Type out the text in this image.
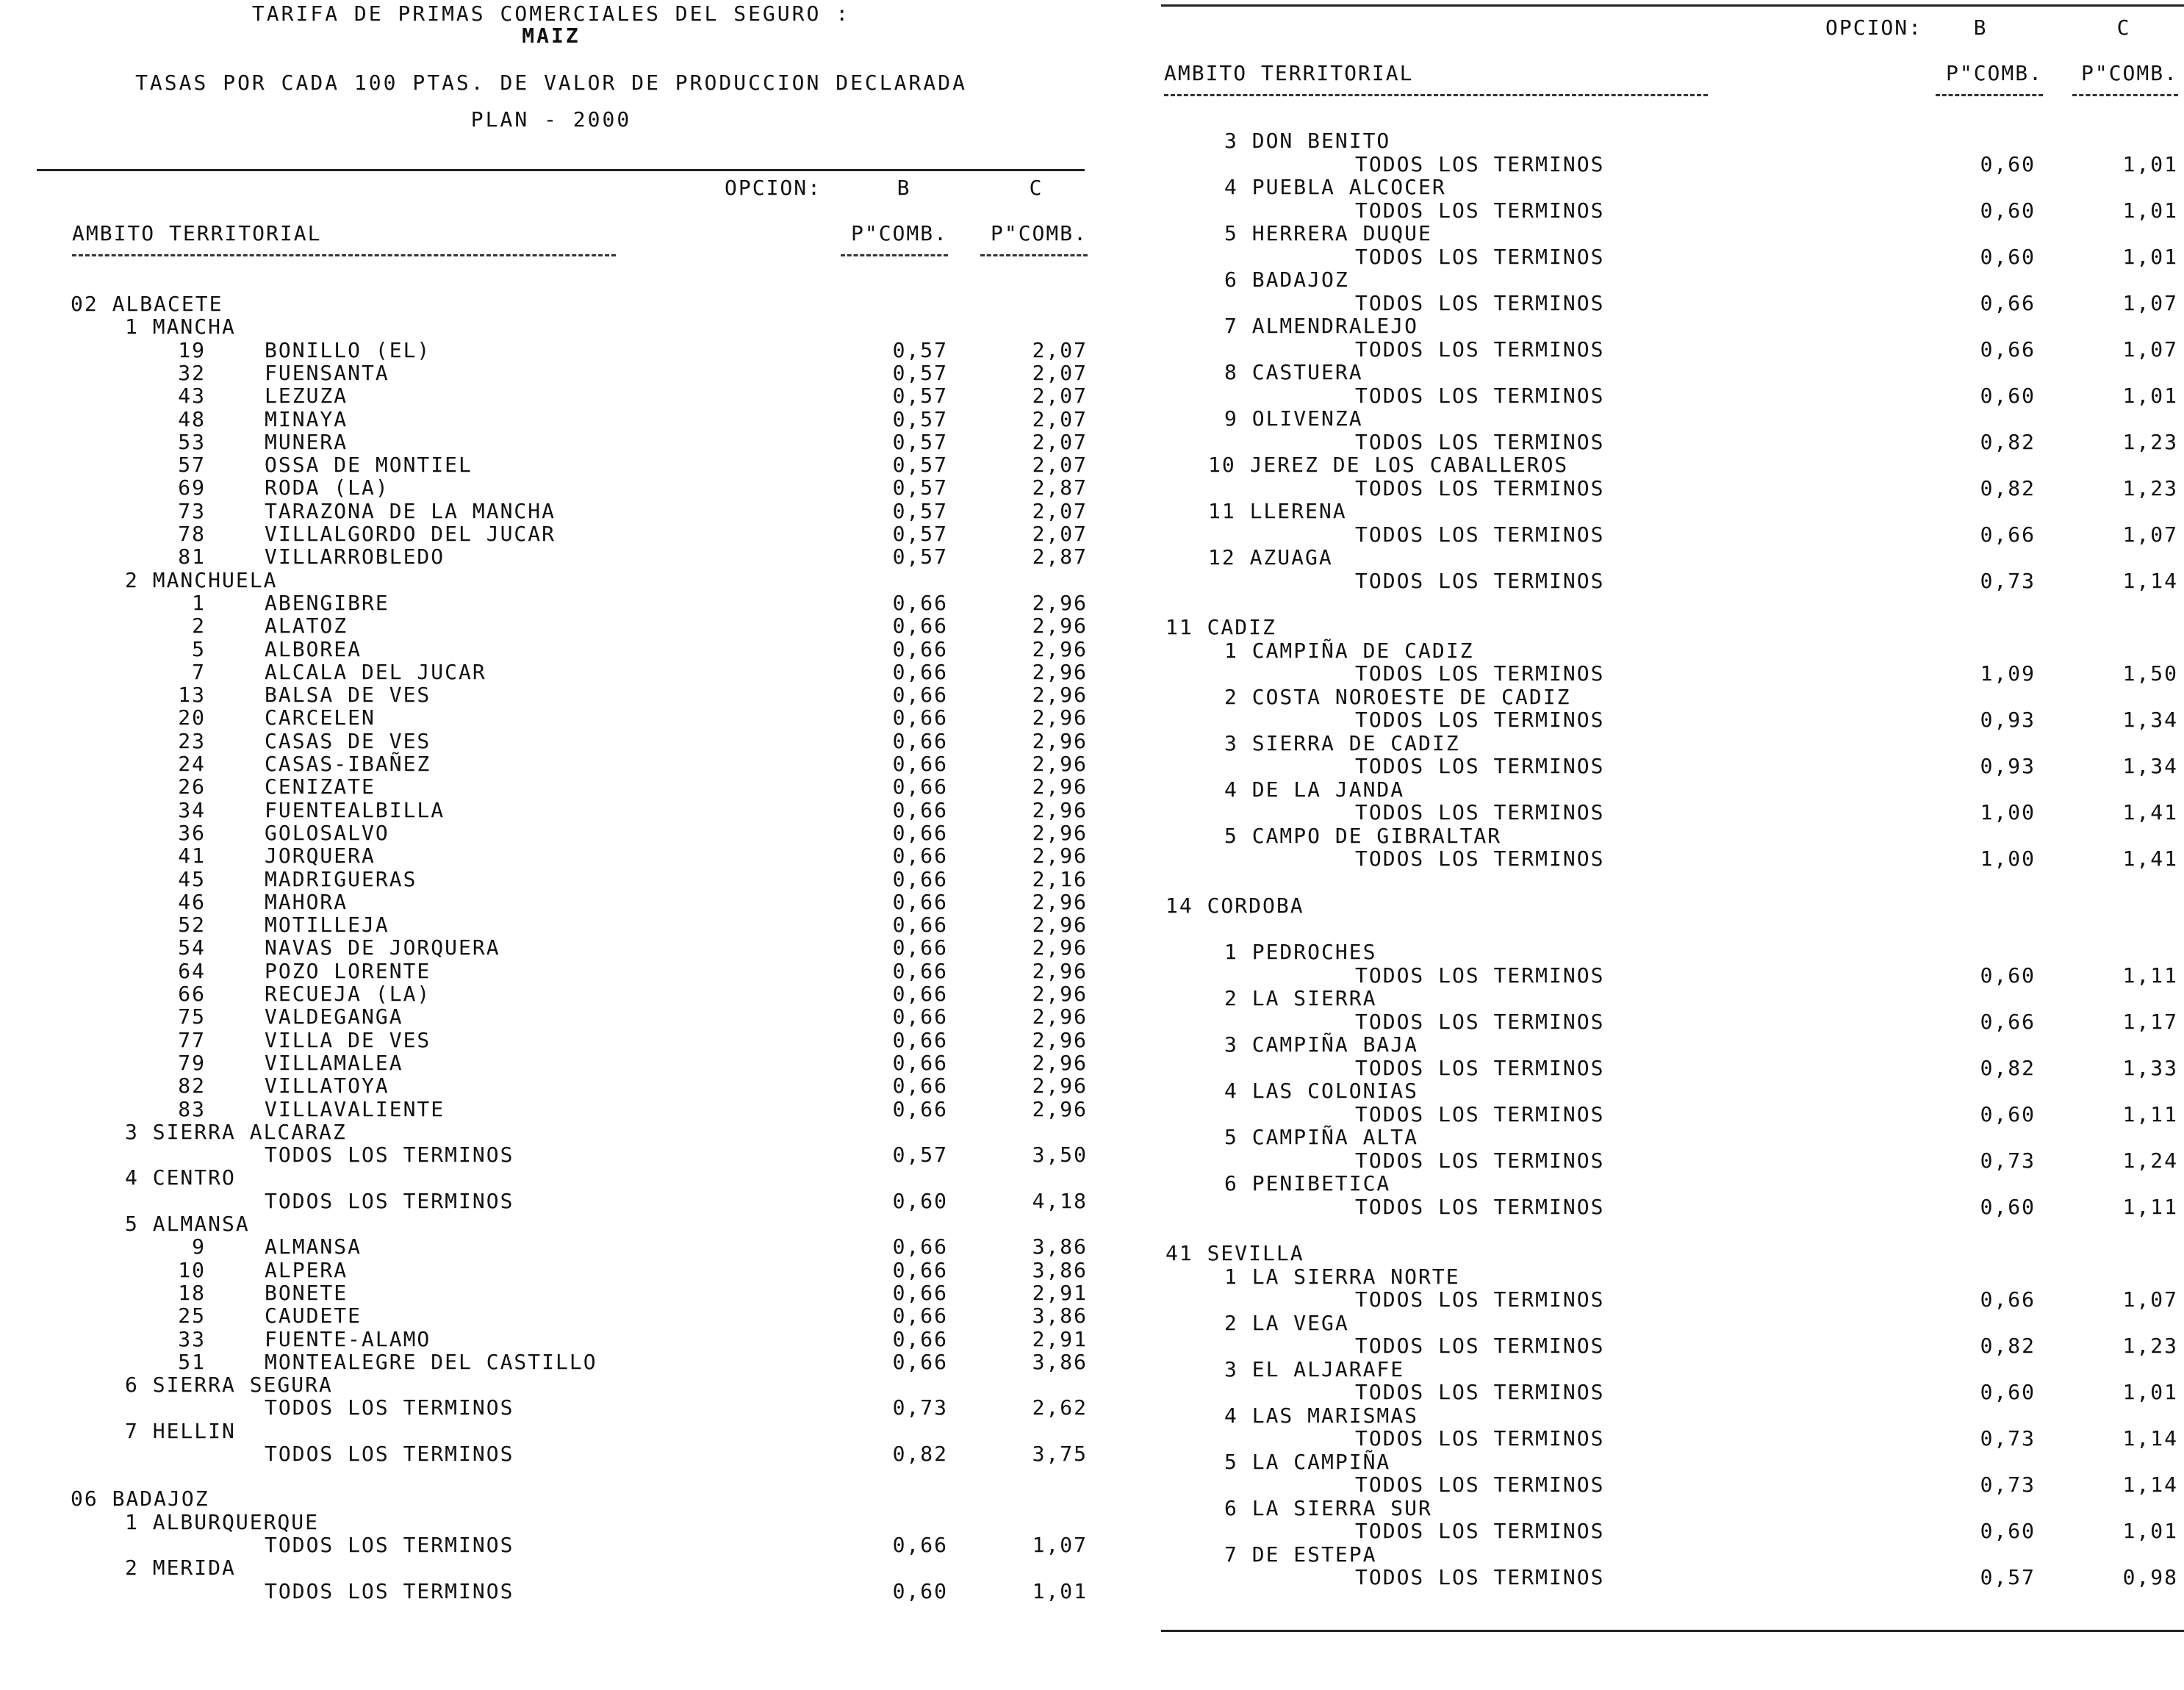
TARIFA DE PRIMAS COMERCIALES DEL SEGURO :
MAIZ
TASAS POR CADA 100 PTAS. DE VALOR DE PRODUCCION DECLARADA
PLAN - 2000
OPCION:	B	C
AMBITO TERRITORIAL	P"COMB.	P"COMB.
02 ALBACETE
1 MANCHA
19	BONILLO (EL)	0,57	2,07
32	FUENSANTA	0,57	2,07
43	LEZUZA	0,57	2,07
48	MINAYA	0,57	2,07
53	MUNERA	0,57	2,07
57	OSSA DE MONTIEL	0,57	2,07
69	RODA (LA)	0,57	2,87
73	TARAZONA DE LA MANCHA	0,57	2,07
78	VILLALGORDO DEL JUCAR	0,57	2,07
81	VILLARROBLEDO	0,57	2,87
2 MANCHUELA
1	ABENGIBRE	0,66	2,96
2	ALATOZ	0,66	2,96
5	ALBOREA	0,66	2,96
7	ALCALA DEL JUCAR	0,66	2,96
13	BALSA DE VES	0,66	2,96
20	CARCELEN	0,66	2,96
23	CASAS DE VES	0,66	2,96
24	CASAS-IBAÑEZ	0,66	2,96
26	CENIZATE	0,66	2,96
34	FUENTEALBILLA	0,66	2,96
36	GOLOSALVO	0,66	2,96
41	JORQUERA	0,66	2,96
45	MADRIGUERAS	0,66	2,16
46	MAHORA	0,66	2,96
52	MOTILLEJA	0,66	2,96
54	NAVAS DE JORQUERA	0,66	2,96
64	POZO LORENTE	0,66	2,96
66	RECUEJA (LA)	0,66	2,96
75	VALDEGANGA	0,66	2,96
77	VILLA DE VES	0,66	2,96
79	VILLAMALEA	0,66	2,96
82	VILLATOYA	0,66	2,96
83	VILLAVALIENTE	0,66	2,96
3 SIERRA ALCARAZ
TODOS LOS TERMINOS	0,57	3,50
4 CENTRO
TODOS LOS TERMINOS	0,60	4,18
5 ALMANSA
9	ALMANSA	0,66	3,86
10	ALPERA	0,66	3,86
18	BONETE	0,66	2,91
25	CAUDETE	0,66	3,86
33	FUENTE-ALAMO	0,66	2,91
51	MONTEALEGRE DEL CASTILLO	0,66	3,86
6 SIERRA SEGURA
TODOS LOS TERMINOS	0,73	2,62
7 HELLIN
TODOS LOS TERMINOS	0,82	3,75
06 BADAJOZ
1 ALBURQUERQUE
TODOS LOS TERMINOS	0,66	1,07
2 MERIDA
TODOS LOS TERMINOS	0,60	1,01
OPCION:	B	C
AMBITO TERRITORIAL	P"COMB.	P"COMB.
3 DON BENITO
TODOS LOS TERMINOS	0,60	1,01
4 PUEBLA ALCOCER
TODOS LOS TERMINOS	0,60	1,01
5 HERRERA DUQUE
TODOS LOS TERMINOS	0,60	1,01
6 BADAJOZ
TODOS LOS TERMINOS	0,66	1,07
7 ALMENDRALEJO
TODOS LOS TERMINOS	0,66	1,07
8 CASTUERA
TODOS LOS TERMINOS	0,60	1,01
9 OLIVENZA
TODOS LOS TERMINOS	0,82	1,23
10 JEREZ DE LOS CABALLEROS
TODOS LOS TERMINOS	0,82	1,23
11 LLERENA
TODOS LOS TERMINOS	0,66	1,07
12 AZUAGA
TODOS LOS TERMINOS	0,73	1,14
11 CADIZ
1 CAMPIÑA DE CADIZ
TODOS LOS TERMINOS	1,09	1,50
2 COSTA NOROESTE DE CADIZ
TODOS LOS TERMINOS	0,93	1,34
3 SIERRA DE CADIZ
TODOS LOS TERMINOS	0,93	1,34
4 DE LA JANDA
TODOS LOS TERMINOS	1,00	1,41
5 CAMPO DE GIBRALTAR
TODOS LOS TERMINOS	1,00	1,41
14 CORDOBA
1 PEDROCHES
TODOS LOS TERMINOS	0,60	1,11
2 LA SIERRA
TODOS LOS TERMINOS	0,66	1,17
3 CAMPIÑA BAJA
TODOS LOS TERMINOS	0,82	1,33
4 LAS COLONIAS
TODOS LOS TERMINOS	0,60	1,11
5 CAMPIÑA ALTA
TODOS LOS TERMINOS	0,73	1,24
6 PENIBETICA
TODOS LOS TERMINOS	0,60	1,11
41 SEVILLA
1 LA SIERRA NORTE
TODOS LOS TERMINOS	0,66	1,07
2 LA VEGA
TODOS LOS TERMINOS	0,82	1,23
3 EL ALJARAFE
TODOS LOS TERMINOS	0,60	1,01
4 LAS MARISMAS
TODOS LOS TERMINOS	0,73	1,14
5 LA CAMPIÑA
TODOS LOS TERMINOS	0,73	1,14
6 LA SIERRA SUR
TODOS LOS TERMINOS	0,60	1,01
7 DE ESTEPA
TODOS LOS TERMINOS	0,57	0,98
